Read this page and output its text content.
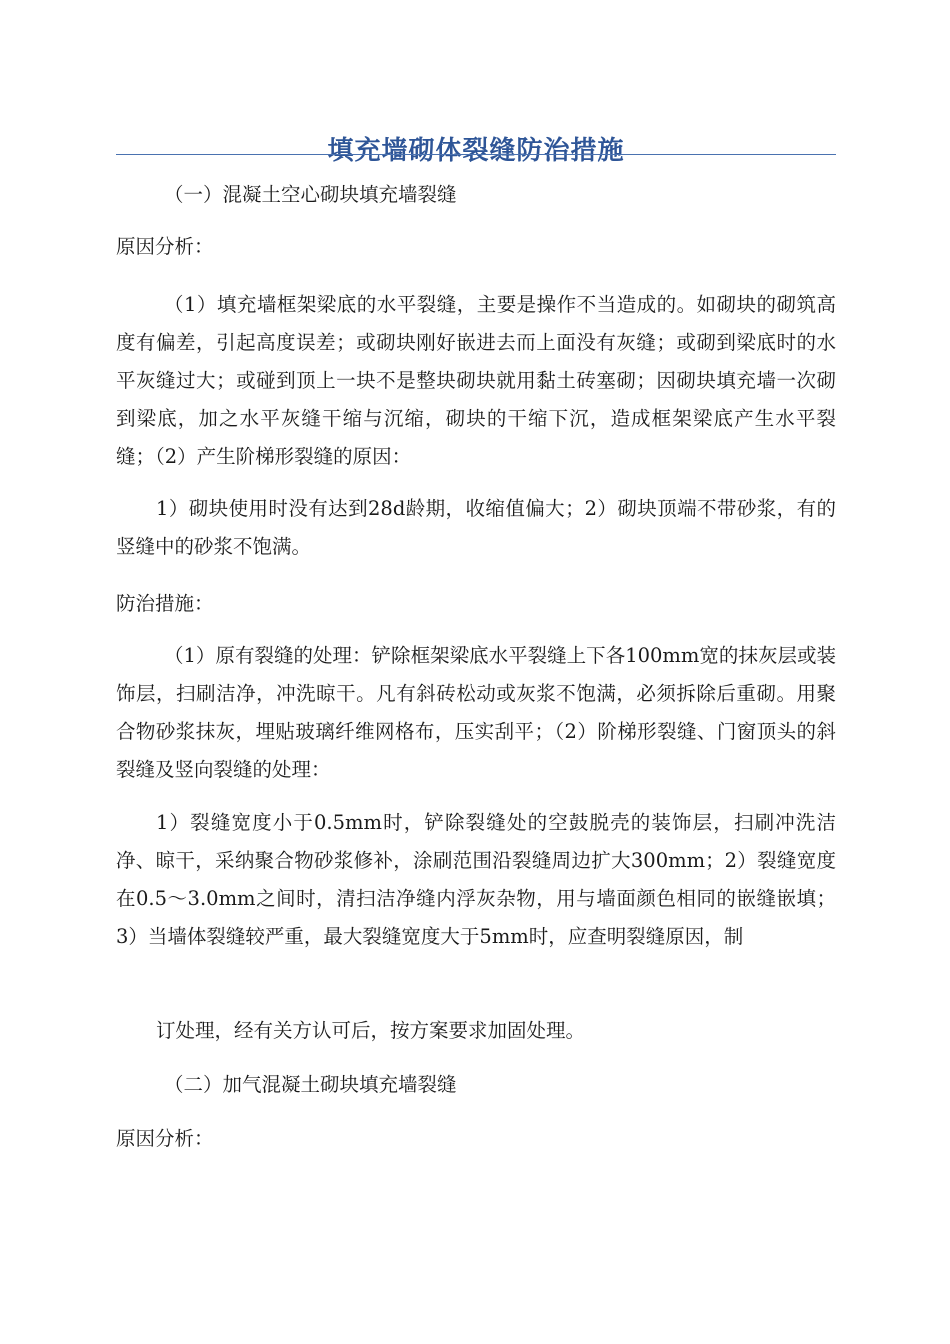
填充墙砌体裂缝防治措施

（一）混凝土空心砌块填充墙裂缝

原因分析：

（1）填充墙框架梁底的水平裂缝，主要是操作不当造成的。如砌块的砌筑高度有偏差，引起高度误差；或砌块刚好嵌进去而上面没有灰缝；或砌到梁底时的水平灰缝过大；或碰到顶上一块不是整块砌块就用黏土砖塞砌；因砌块填充墙一次砌到梁底，加之水平灰缝干缩与沉缩，砌块的干缩下沉，造成框架梁底产生水平裂缝；（2）产生阶梯形裂缝的原因：

1）砌块使用时没有达到28d龄期，收缩值偏大；2）砌块顶端不带砂浆，有的竖缝中的砂浆不饱满。

防治措施：

（1）原有裂缝的处理：铲除框架梁底水平裂缝上下各100mm宽的抹灰层或装饰层，扫刷洁净，冲洗晾干。凡有斜砖松动或灰浆不饱满，必须拆除后重砌。用聚合物砂浆抹灰，埋贴玻璃纤维网格布，压实刮平；（2）阶梯形裂缝、门窗顶头的斜裂缝及竖向裂缝的处理：

1）裂缝宽度小于0.5mm时，铲除裂缝处的空鼓脱壳的装饰层，扫刷冲洗洁净、晾干，采纳聚合物砂浆修补，涂刷范围沿裂缝周边扩大300mm；2）裂缝宽度在0.5～3.0mm之间时，清扫洁净缝内浮灰杂物，用与墙面颜色相同的嵌缝嵌填；3）当墙体裂缝较严重，最大裂缝宽度大于5mm时，应查明裂缝原因，制

订处理，经有关方认可后，按方案要求加固处理。

（二）加气混凝土砌块填充墙裂缝

原因分析：
